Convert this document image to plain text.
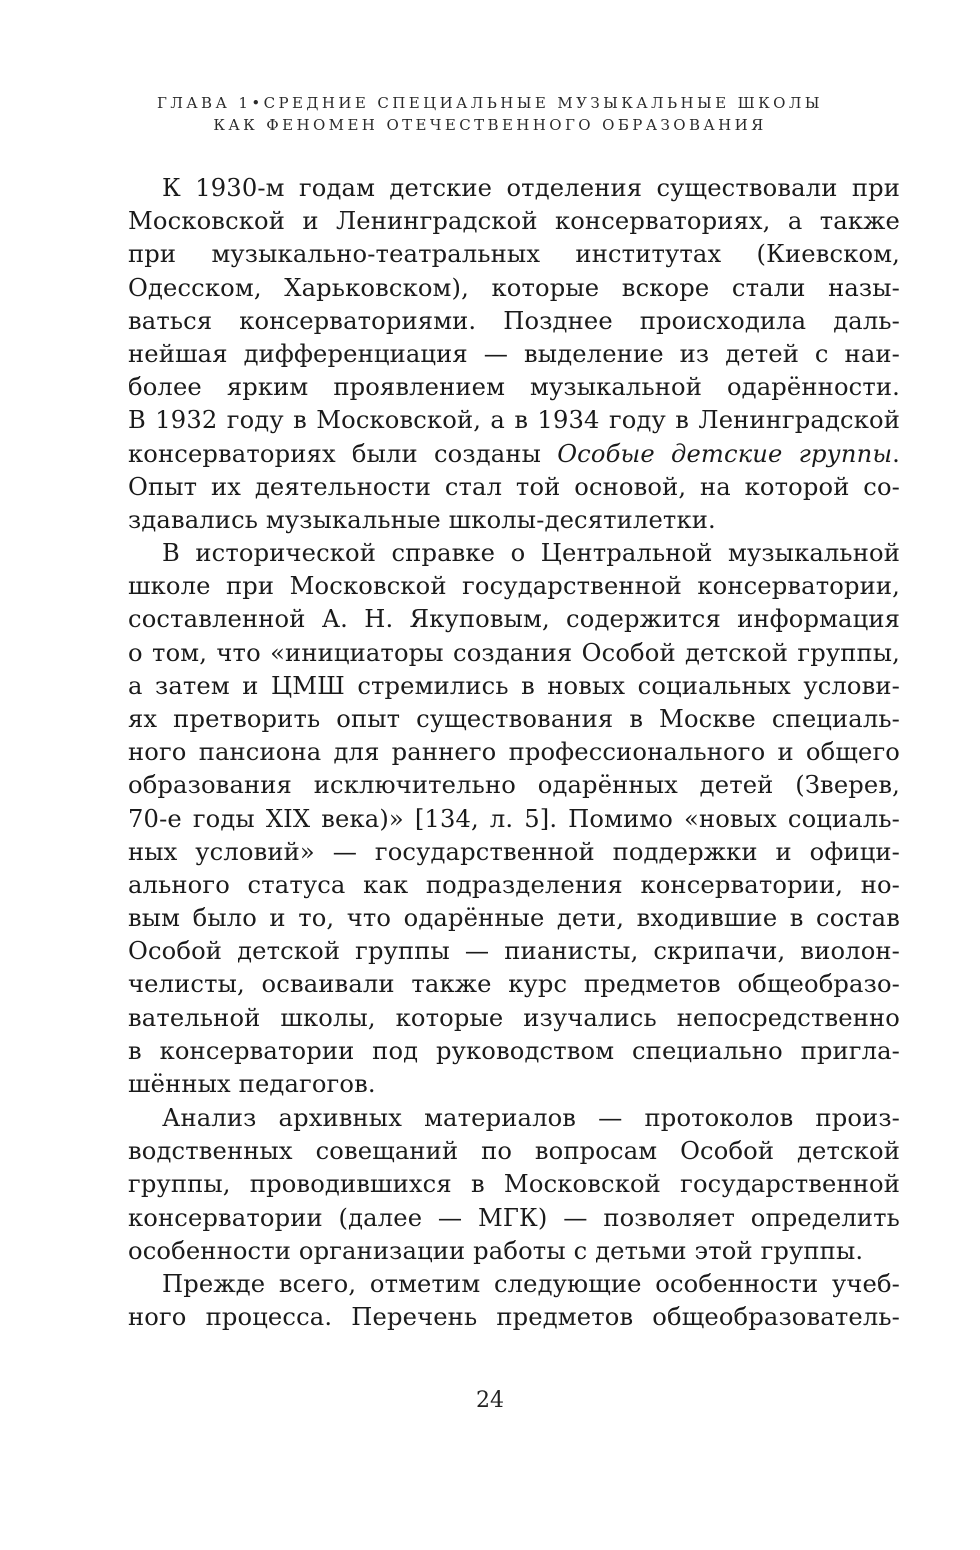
ГЛАВА 1•СРЕДНИЕ СПЕЦИАЛЬНЫЕ МУЗЫКАЛЬНЫЕ ШКОЛЫ
КАК ФЕНОМЕН ОТЕЧЕСТВЕННОГО ОБРАЗОВАНИЯ
К 1930-м годам детские отделения существовали при
Московской и Ленинградской консерваториях, а также
при музыкально-театральных институтах (Киевском,
Одесском, Харьковском), которые вскоре стали назы-
ваться консерваториями. Позднее происходила даль-
нейшая дифференциация — выделение из детей с наи-
более ярким проявлением музыкальной одарённости.
В 1932 году в Московской, а в 1934 году в Ленинградской
консерваториях были созданы Особые детские группы.
Опыт их деятельности стал той основой, на которой со-
здавались музыкальные школы-десятилетки.
В исторической справке о Центральной музыкальной
школе при Московской государственной консерватории,
составленной А. Н. Якуповым, содержится информация
о том, что «инициаторы создания Особой детской группы,
а затем и ЦМШ стремились в новых социальных услови-
ях претворить опыт существования в Москве специаль-
ного пансиона для раннего профессионального и общего
образования исключительно одарённых детей (Зверев,
70-е годы XIX века)» [134, л. 5]. Помимо «новых социаль-
ных условий» — государственной поддержки и офици-
ального статуса как подразделения консерватории, но-
вым было и то, что одарённые дети, входившие в состав
Особой детской группы — пианисты, скрипачи, виолон-
челисты, осваивали также курс предметов общеобразо-
вательной школы, которые изучались непосредственно
в консерватории под руководством специально пригла-
шённых педагогов.
Анализ архивных материалов — протоколов произ-
водственных совещаний по вопросам Особой детской
группы, проводившихся в Московской государственной
консерватории (далее — МГК) — позволяет определить
особенности организации работы с детьми этой группы.
Прежде всего, отметим следующие особенности учеб-
ного процесса. Перечень предметов общеобразователь-
24
